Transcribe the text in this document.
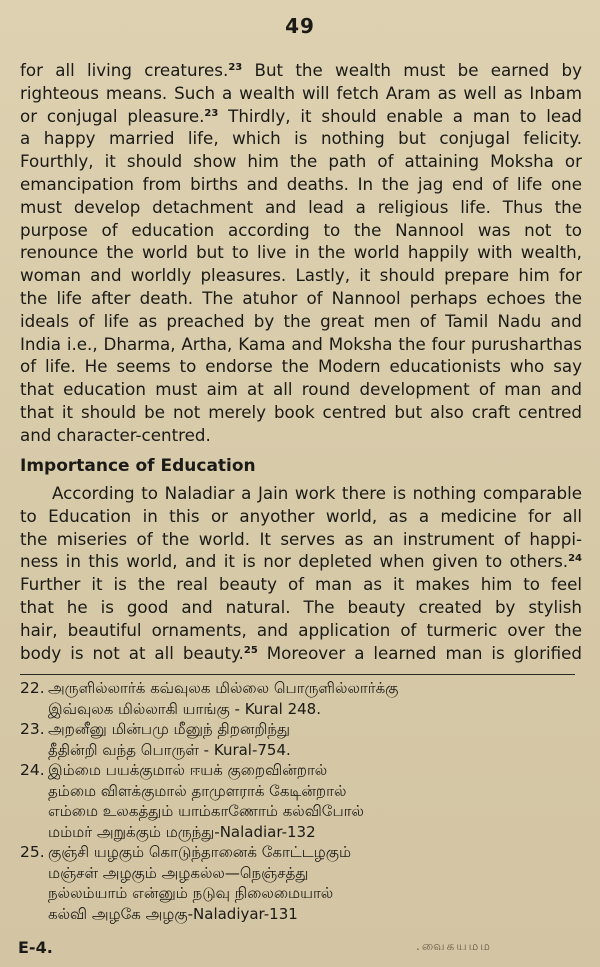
49
for all living creatures.$^{23}$ But the wealth must be earned by
righteous means. Such a wealth will fetch Aram as well as Inbam
or conjugal pleasure.$^{23}$ Thirdly, it should enable a man to lead
a happy married life, which is nothing but conjugal felicity.
Fourthly, it should show him the path of attaining Moksha or
emancipation from births and deaths. In the jag end of life one
must develop detachment and lead a religious life. Thus the
purpose of education according to the Nannool was not to
renounce the world but to live in the world happily with wealth,
woman and worldly pleasures. Lastly, it should prepare him for
the life after death. The atuhor of Nannool perhaps echoes the
ideals of life as preached by the great men of Tamil Nadu and
India i.e., Dharma, Artha, Kama and Moksha the four purusharthas
of life. He seems to endorse the Modern educationists who say
that education must aim at all round development of man and
that it should be not merely book centred but also craft centred
and character-centred.
Importance of Education
According to Naladiar a Jain work there is nothing comparable
to Education in this or anyother world, as a medicine for all
the miseries of the world. It serves as an instrument of happi-
ness in this world, and it is nor depleted when given to others.$^{24}$
Further it is the real beauty of man as it makes him to feel
that he is good and natural. The beauty created by stylish
hair, beautiful ornaments, and application of turmeric over the
body is not at all beauty.$^{25}$ Moreover a learned man is glorified
22. அருளில்லார்க் கவ்வுலக மில்லை பொருளில்லார்க்கு
இவ்வுலக மில்லாகி யாங்கு - Kural 248.
23. அறனீனு மின்பமு மீனுந் திறனறிந்து
தீதின்றி வந்த பொருள் - Kural-754.
24. இம்மை பயக்குமால் ஈயக் குறைவின்றால்
தம்மை விளக்குமால் தாமுளராக் கேடின்றால்
எம்மை உலகத்தும் யாம்காணோம் கல்விபோல்
மம்மர் அறுக்கும் மருந்து-Naladiar-132
25. குஞ்சி யழகும் கொடுந்தானைக் கோட்டழகும்
மஞ்சள் அழகும் அழகல்ல—நெஞ்சத்து
நல்லம்யாம் என்னும் நடுவு நிலைமையால்
கல்வி அழகே அழகு-Naladiyar-131
E-4.	.வைகயமம
